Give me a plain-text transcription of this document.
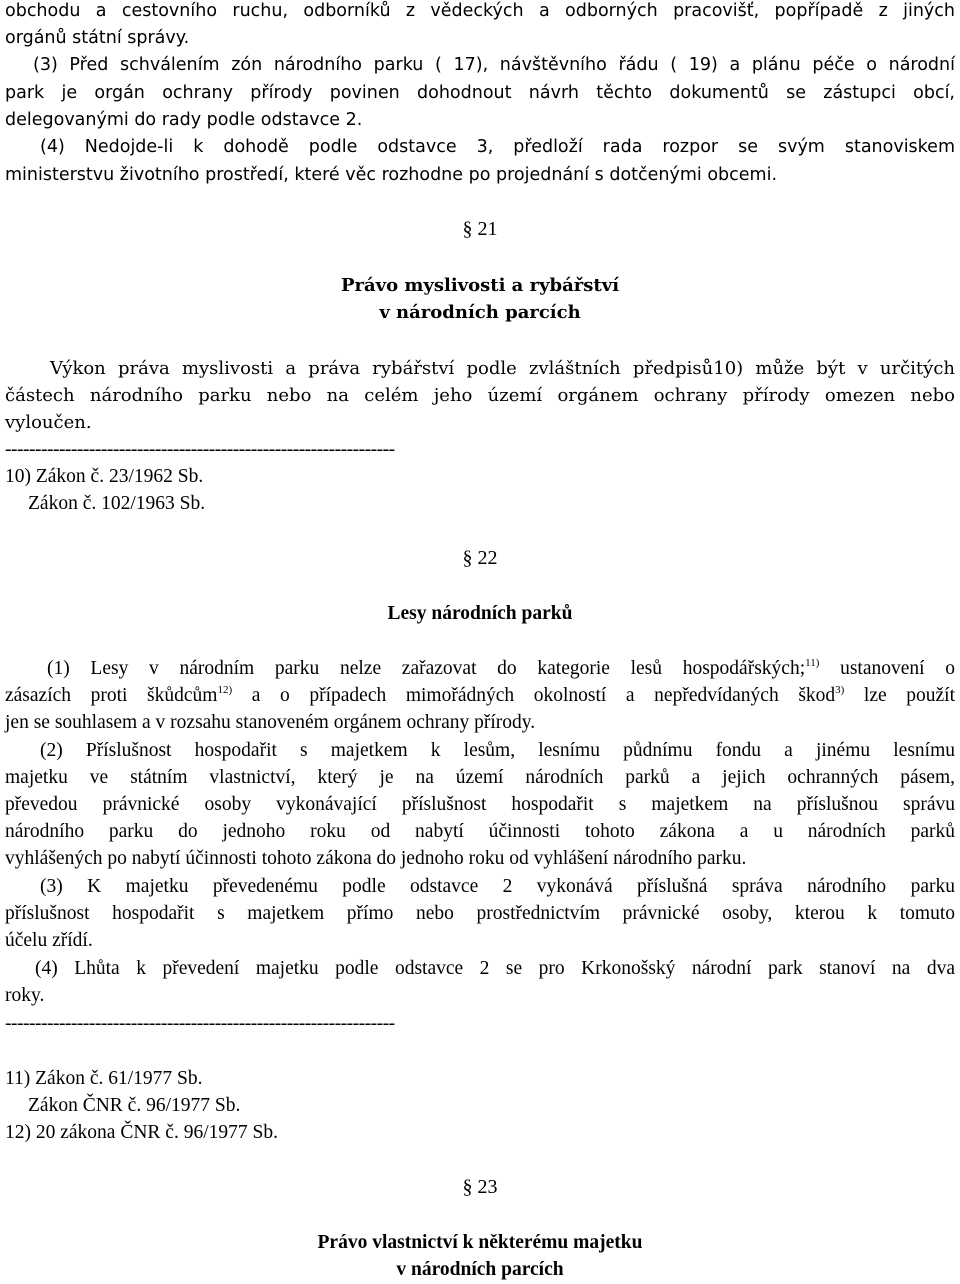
obchodu a cestovního ruchu, odborníků z vědeckých a odborných pracovišť, popřípadě z jiných
orgánů státní správy.
(3) Před schválením zón národního parku ( 17), návštěvního řádu ( 19) a plánu péče o národní
park je orgán ochrany přírody povinen dohodnout návrh těchto dokumentů se zástupci obcí,
delegovanými do rady podle odstavce 2.
(4) Nedojde-li k dohodě podle odstavce 3, předloží rada rozpor se svým stanoviskem
ministerstvu životního prostředí, které věc rozhodne po projednání s dotčenými obcemi.
§ 21
Právo myslivosti a rybářství
v národních parcích
Výkon práva myslivosti a práva rybářství podle zvláštních předpisů10) může být v určitých
částech národního parku nebo na celém jeho území orgánem ochrany přírody omezen nebo
vyloučen.
-----------------------------------------------------------------
10) Zákon č. 23/1962 Sb.
Zákon č. 102/1963 Sb.
§ 22
Lesy národních parků
(1) Lesy v národním parku nelze zařazovat do kategorie lesů hospodářských;$^{11)}$ ustanovení o
zásazích proti škůdcům$^{12)}$ a o případech mimořádných okolností a nepředvídaných škod$^{3)}$ lze použít
jen se souhlasem a v rozsahu stanoveném orgánem ochrany přírody.
(2) Příslušnost hospodařit s majetkem k lesům, lesnímu půdnímu fondu a jinému lesnímu
majetku ve státním vlastnictví, který je na území národních parků a jejich ochranných pásem,
převedou právnické osoby vykonávající příslušnost hospodařit s majetkem na příslušnou správu
národního parku do jednoho roku od nabytí účinnosti tohoto zákona a u národních parků
vyhlášených po nabytí účinnosti tohoto zákona do jednoho roku od vyhlášení národního parku.
(3) K majetku převedenému podle odstavce 2 vykonává příslušná správa národního parku
příslušnost hospodařit s majetkem přímo nebo prostřednictvím právnické osoby, kterou k tomuto
účelu zřídí.
(4) Lhůta k převedení majetku podle odstavce 2 se pro Krkonošský národní park stanoví na dva
roky.
-----------------------------------------------------------------
11) Zákon č. 61/1977 Sb.
Zákon ČNR č. 96/1977 Sb.
12) 20 zákona ČNR č. 96/1977 Sb.
§ 23
Právo vlastnictví k některému majetku
v národních parcích
